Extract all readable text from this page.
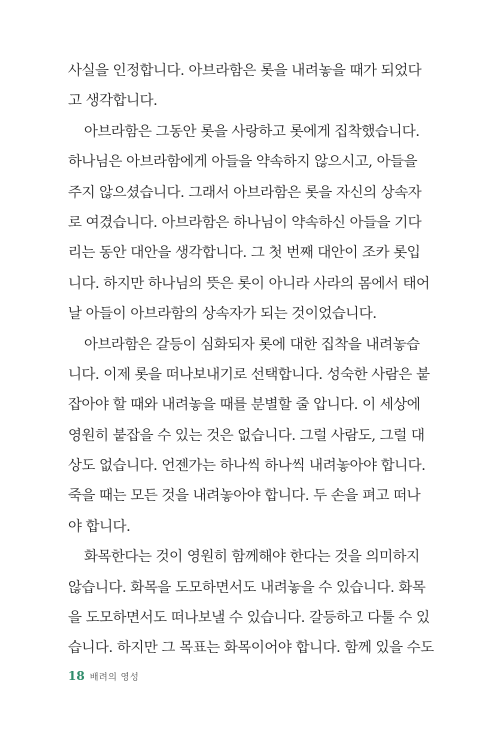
사실을 인정합니다. 아브라함은 롯을 내려놓을 때가 되었다
고 생각합니다.
아브라함은 그동안 롯을 사랑하고 롯에게 집착했습니다.
하나님은 아브라함에게 아들을 약속하지 않으시고, 아들을
주지 않으셨습니다. 그래서 아브라함은 롯을 자신의 상속자
로 여겼습니다. 아브라함은 하나님이 약속하신 아들을 기다
리는 동안 대안을 생각합니다. 그 첫 번째 대안이 조카 롯입
니다. 하지만 하나님의 뜻은 롯이 아니라 사라의 몸에서 태어
날 아들이 아브라함의 상속자가 되는 것이었습니다.
아브라함은 갈등이 심화되자 롯에 대한 집착을 내려놓습
니다. 이제 롯을 떠나보내기로 선택합니다. 성숙한 사람은 붙
잡아야 할 때와 내려놓을 때를 분별할 줄 압니다. 이 세상에
영원히 붙잡을 수 있는 것은 없습니다. 그럴 사람도, 그럴 대
상도 없습니다. 언젠가는 하나씩 하나씩 내려놓아야 합니다.
죽을 때는 모든 것을 내려놓아야 합니다. 두 손을 펴고 떠나
야 합니다.
화목한다는 것이 영원히 함께해야 한다는 것을 의미하지
않습니다. 화목을 도모하면서도 내려놓을 수 있습니다. 화목
을 도모하면서도 떠나보낼 수 있습니다. 갈등하고 다툴 수 있
습니다. 하지만 그 목표는 화목이어야 합니다. 함께 있을 수도
18 배려의 영성
